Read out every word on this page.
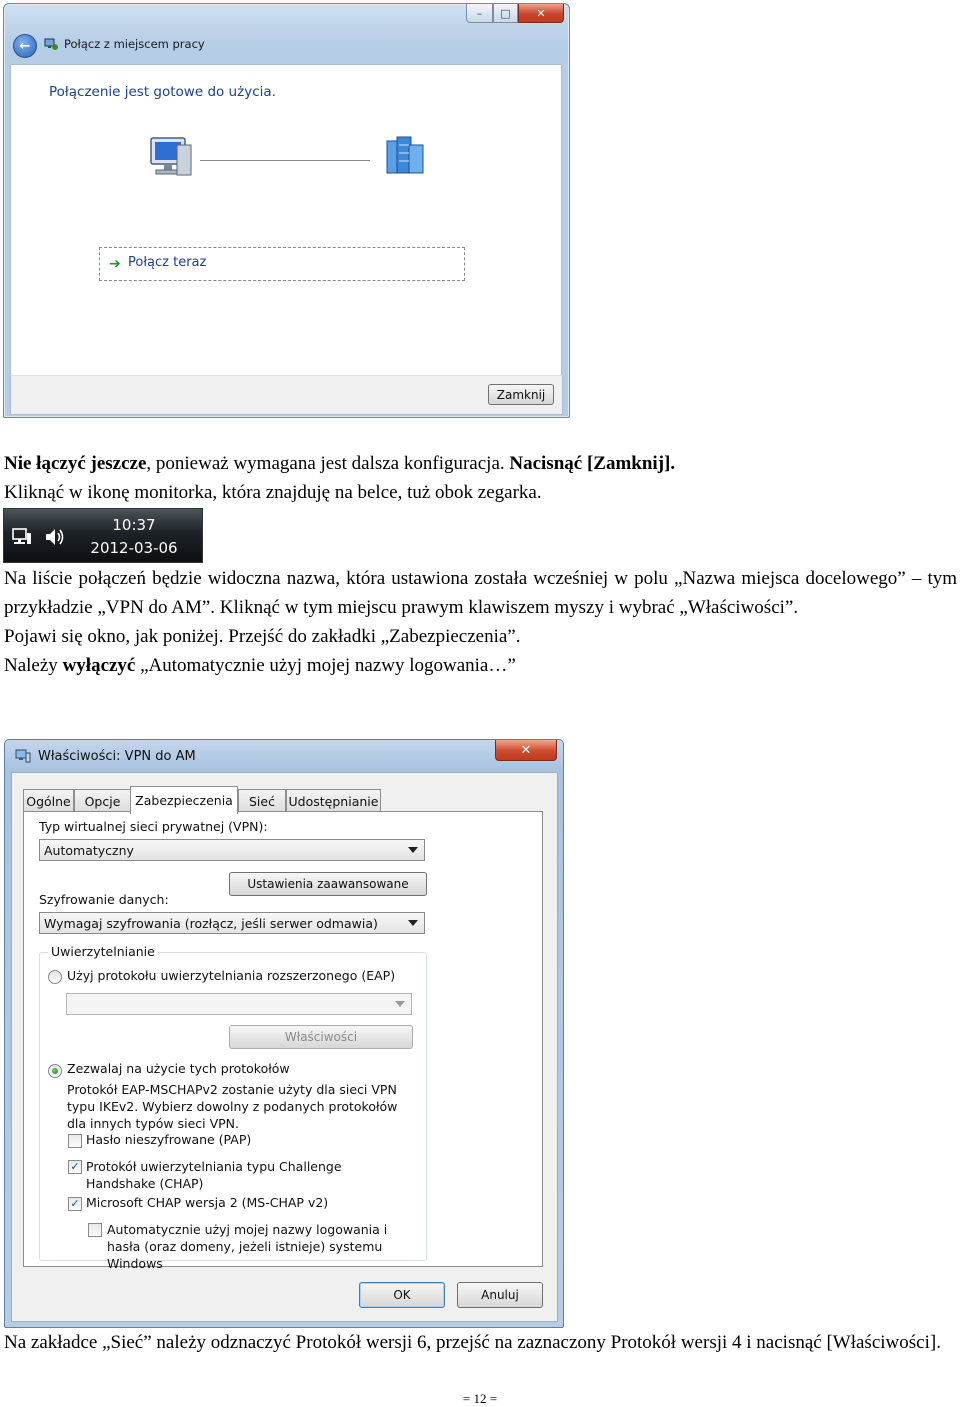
–	□	✕
←	Połącz z miejscem pracy
Połączenie jest gotowe do użycia.
➔ Połącz teraz
Zamknij
Nie łączyć jeszcze, ponieważ wymagana jest dalsza konfiguracja. Nacisnąć [Zamknij].
Kliknąć w ikonę monitorka, która znajduję na belce, tuż obok zegarka.
10:37
2012-03-06
Na liście połączeń będzie widoczna nazwa, która ustawiona została wcześniej w polu „Nazwa miejsca docelowego” – tym przykładzie „VPN do AM”. Kliknąć w tym miejscu prawym klawiszem myszy i wybrać „Właściwości”.
Pojawi się okno, jak poniżej. Przejść do zakładki „Zabezpieczenia”.
Należy wyłączyć „Automatycznie użyj mojej nazwy logowania…”
Właściwości: VPN do AM	✕
Ogólne	Opcje	Zabezpieczenia	Sieć	Udostępnianie
Typ wirtualnej sieci prywatnej (VPN):
Automatyczny
Ustawienia zaawansowane
Szyfrowanie danych:
Wymagaj szyfrowania (rozłącz, jeśli serwer odmawia)
Uwierzytelnianie
Użyj protokołu uwierzytelniania rozszerzonego (EAP)
Właściwości
Zezwalaj na użycie tych protokołów
Protokół EAP-MSCHAPv2 zostanie użyty dla sieci VPN typu IKEv2. Wybierz dowolny z podanych protokołów dla innych typów sieci VPN.
Hasło nieszyfrowane (PAP)
✓ Protokół uwierzytelniania typu Challenge Handshake (CHAP)
✓ Microsoft CHAP wersja 2 (MS-CHAP v2)
Automatycznie użyj mojej nazwy logowania i hasła (oraz domeny, jeżeli istnieje) systemu Windows
OK	Anuluj
Na zakładce „Sieć” należy odznaczyć Protokół wersji 6, przejść na zaznaczony Protokół wersji 4 i nacisnąć [Właściwości].
= 12 =
